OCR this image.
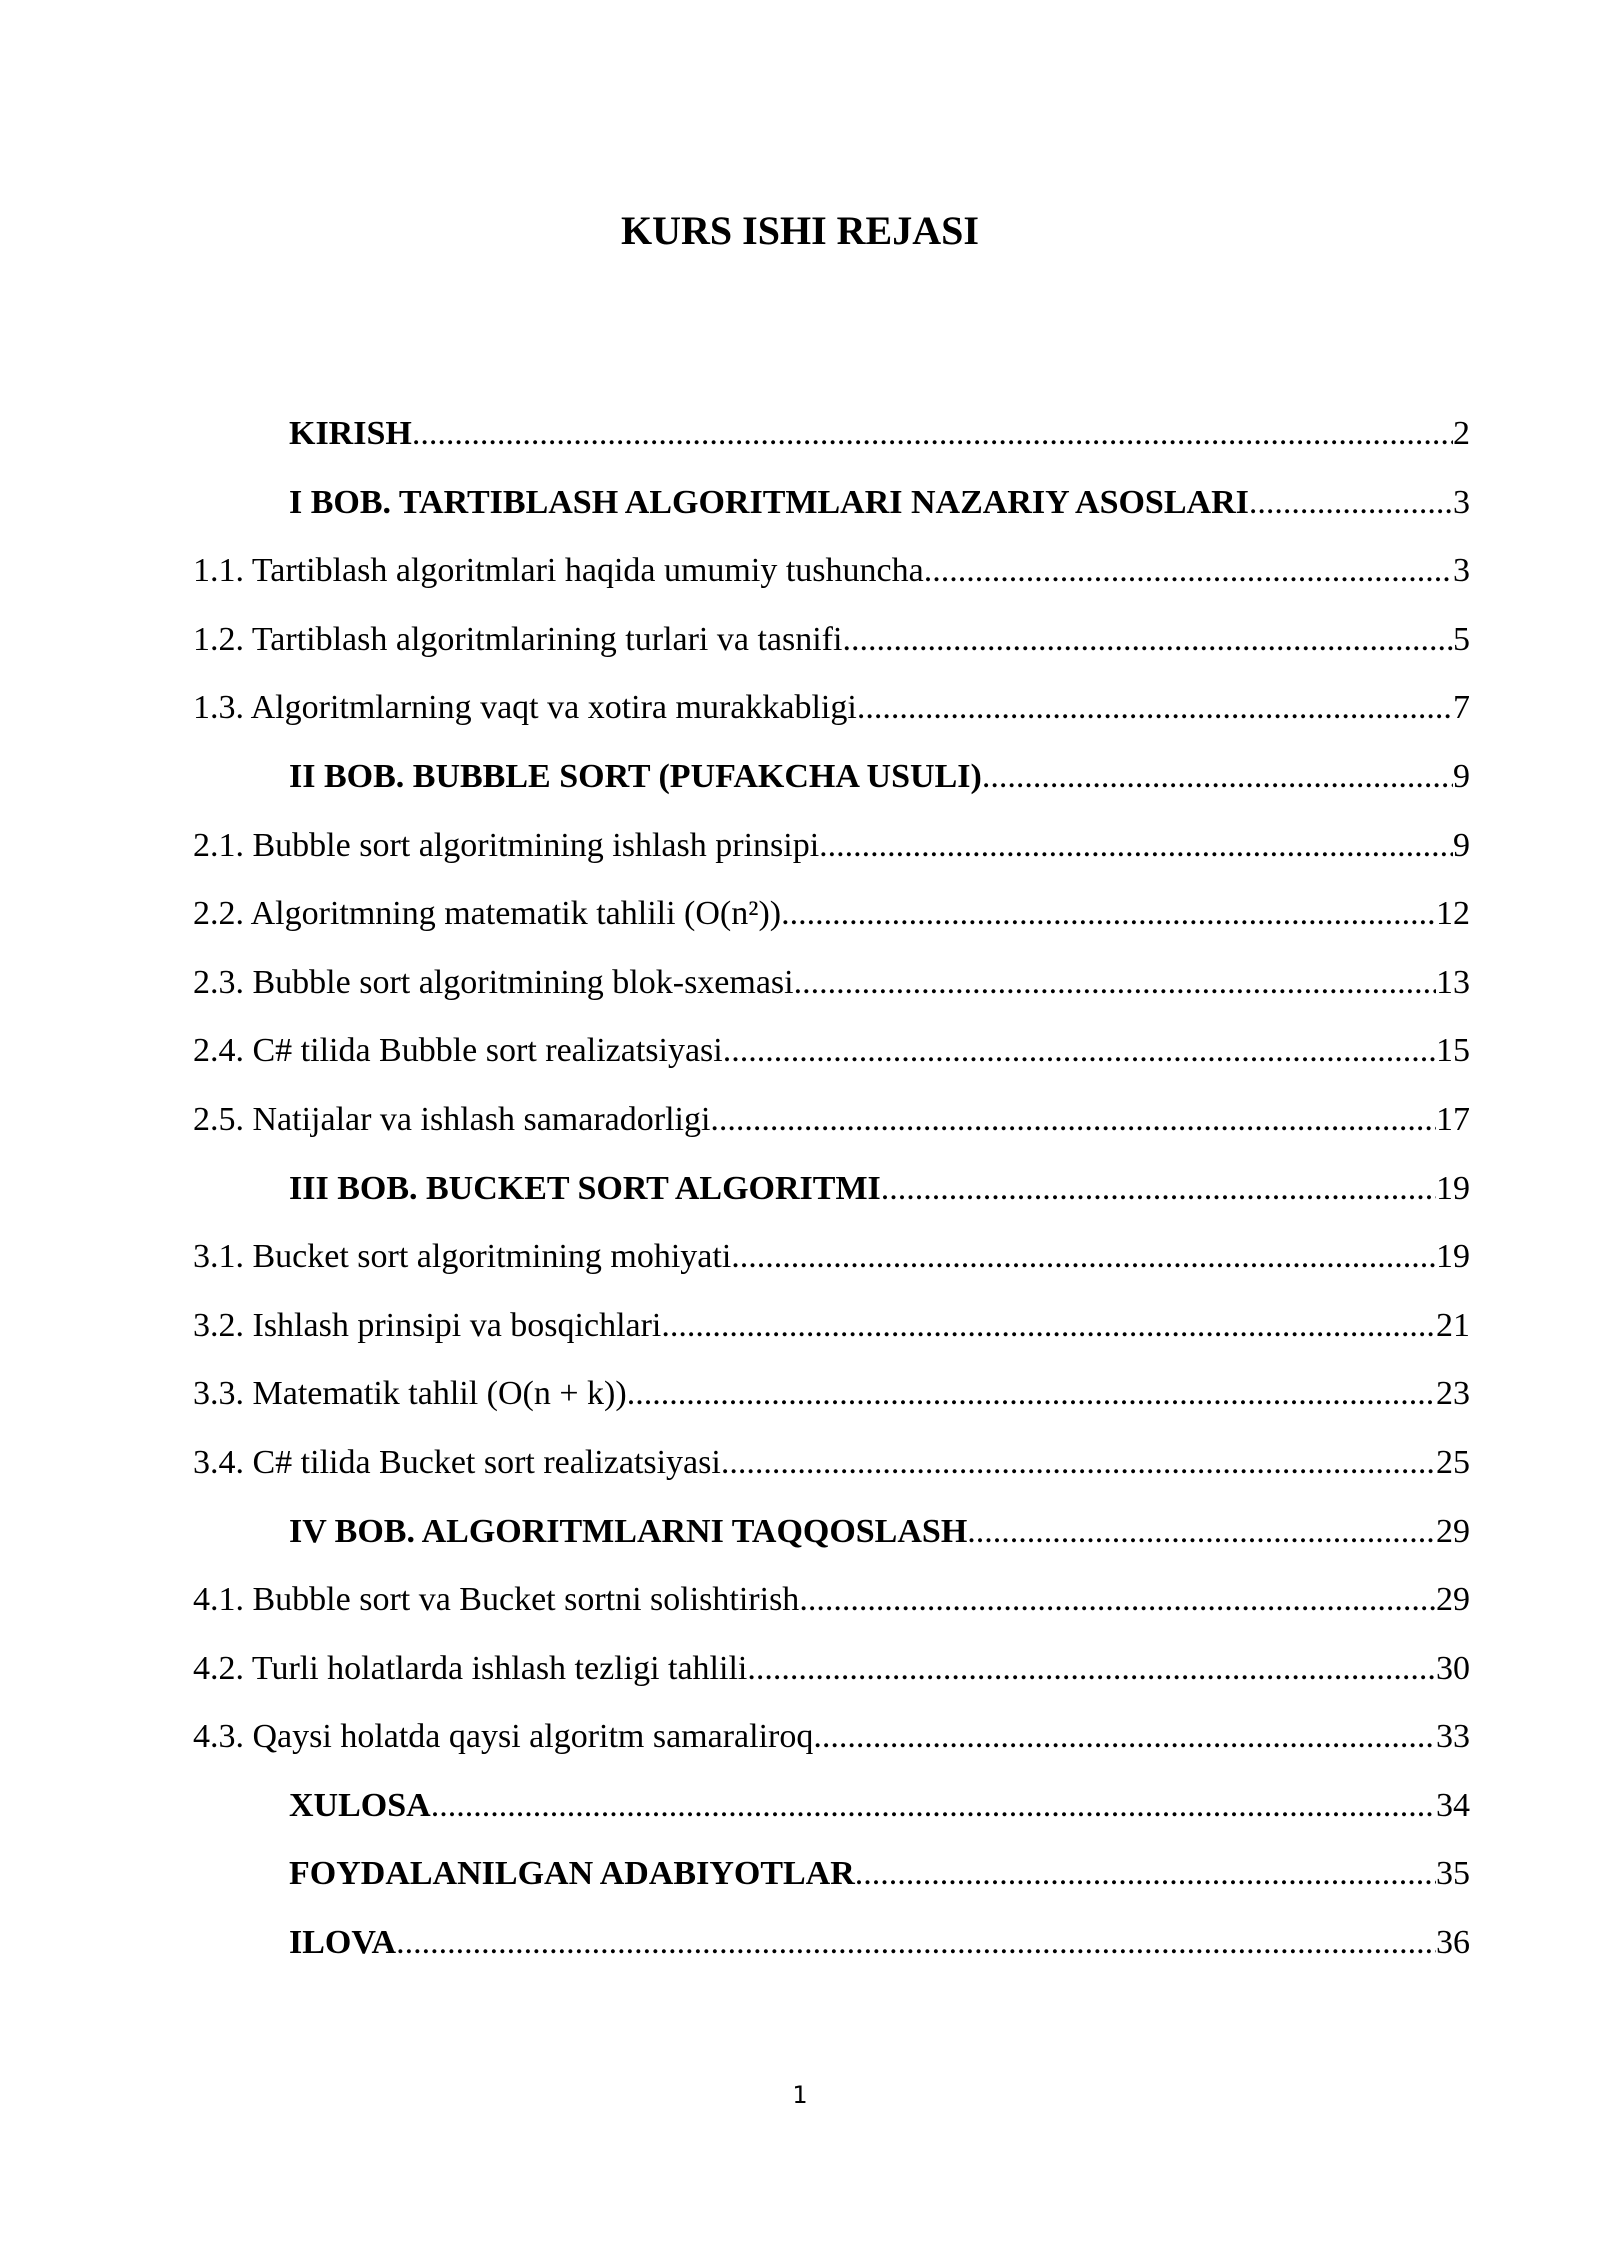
KURS ISHI REJASI
KIRISH .....	2
I BOB. TARTIBLASH ALGORITMLARI NAZARIY ASOSLARI .....	3
1.1. Tartiblash algoritmlari haqida umumiy tushuncha .....	3
1.2. Tartiblash algoritmlarining turlari va tasnifi .....	5
1.3. Algoritmlarning vaqt va xotira murakkabligi .....	7
II BOB. BUBBLE SORT (PUFAKCHA USULI) .....	9
2.1. Bubble sort algoritmining ishlash prinsipi .....	9
2.2. Algoritmning matematik tahlili (O(n²)) .....	12
2.3. Bubble sort algoritmining blok-sxemasi .....	13
2.4. C# tilida Bubble sort realizatsiyasi .....	15
2.5. Natijalar va ishlash samaradorligi .....	17
III BOB. BUCKET SORT ALGORITMI .....	19
3.1. Bucket sort algoritmining mohiyati .....	19
3.2. Ishlash prinsipi va bosqichlari .....	21
3.3. Matematik tahlil (O(n + k)) .....	23
3.4. C# tilida Bucket sort realizatsiyasi .....	25
IV BOB. ALGORITMLARNI TAQQOSLASH .....	29
4.1. Bubble sort va Bucket sortni solishtirish .....	29
4.2. Turli holatlarda ishlash tezligi tahlili .....	30
4.3. Qaysi holatda qaysi algoritm samaraliroq .....	33
XULOSA .....	34
FOYDALANILGAN ADABIYOTLAR .....	35
ILOVA .....	36
1
